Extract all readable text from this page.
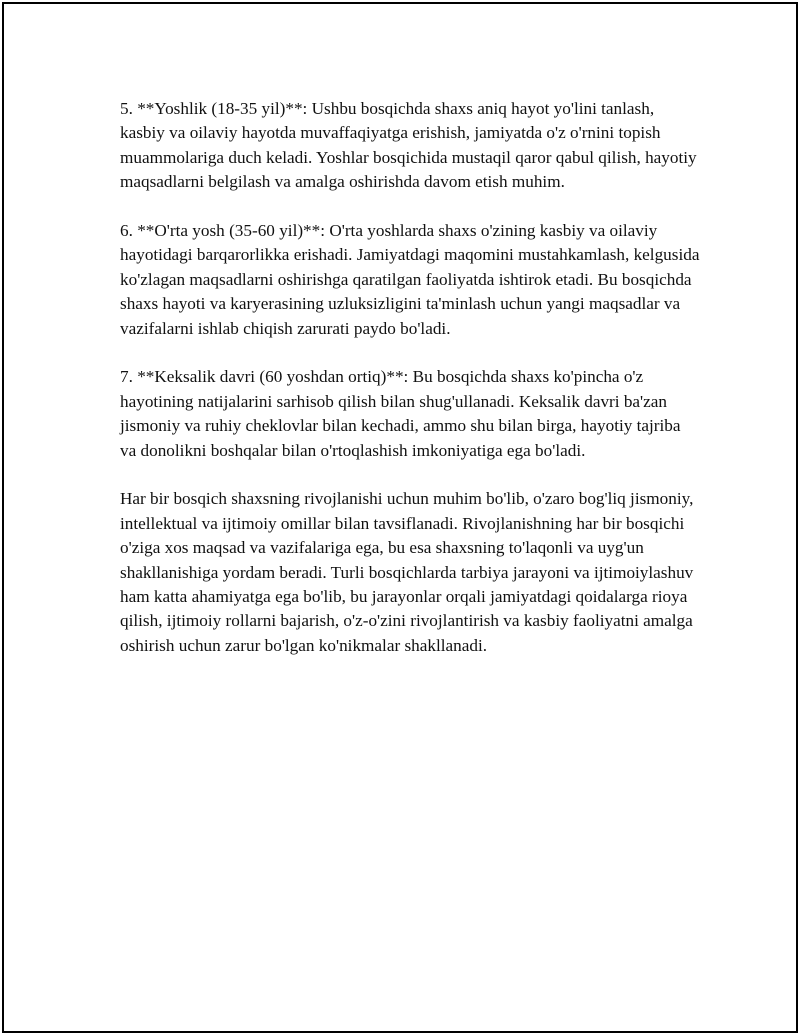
5. **Yoshlik (18-35 yil)**: Ushbu bosqichda shaxs aniq hayot yo'lini tanlash, kasbiy va oilaviy hayotda muvaffaqiyatga erishish, jamiyatda o'z o'rnini topish muammolariga duch keladi. Yoshlar bosqichida mustaqil qaror qabul qilish, hayotiy maqsadlarni belgilash va amalga oshirishda davom etish muhim.

6. **O'rta yosh (35-60 yil)**: O'rta yoshlarda shaxs o'zining kasbiy va oilaviy hayotidagi barqarorlikka erishadi. Jamiyatdagi maqomini mustahkamlash, kelgusida ko'zlagan maqsadlarni oshirishga qaratilgan faoliyatda ishtirok etadi. Bu bosqichda shaxs hayoti va karyerasining uzluksizligini ta'minlash uchun yangi maqsadlar va vazifalarni ishlab chiqish zarurati paydo bo'ladi.

7. **Keksalik davri (60 yoshdan ortiq)**: Bu bosqichda shaxs ko'pincha o'z hayotining natijalarini sarhisob qilish bilan shug'ullanadi. Keksalik davri ba'zan jismoniy va ruhiy cheklovlar bilan kechadi, ammo shu bilan birga, hayotiy tajriba va donolikni boshqalar bilan o'rtoqlashish imkoniyatiga ega bo'ladi.

Har bir bosqich shaxsning rivojlanishi uchun muhim bo'lib, o'zaro bog'liq jismoniy, intellektual va ijtimoiy omillar bilan tavsiflanadi. Rivojlanishning har bir bosqichi o'ziga xos maqsad va vazifalariga ega, bu esa shaxsning to'laqonli va uyg'un shakllanishiga yordam beradi. Turli bosqichlarda tarbiya jarayoni va ijtimoiylashuv ham katta ahamiyatga ega bo'lib, bu jarayonlar orqali jamiyatdagi qoidalarga rioya qilish, ijtimoiy rollarni bajarish, o'z-o'zini rivojlantirish va kasbiy faoliyatni amalga oshirish uchun zarur bo'lgan ko'nikmalar shakllanadi.
